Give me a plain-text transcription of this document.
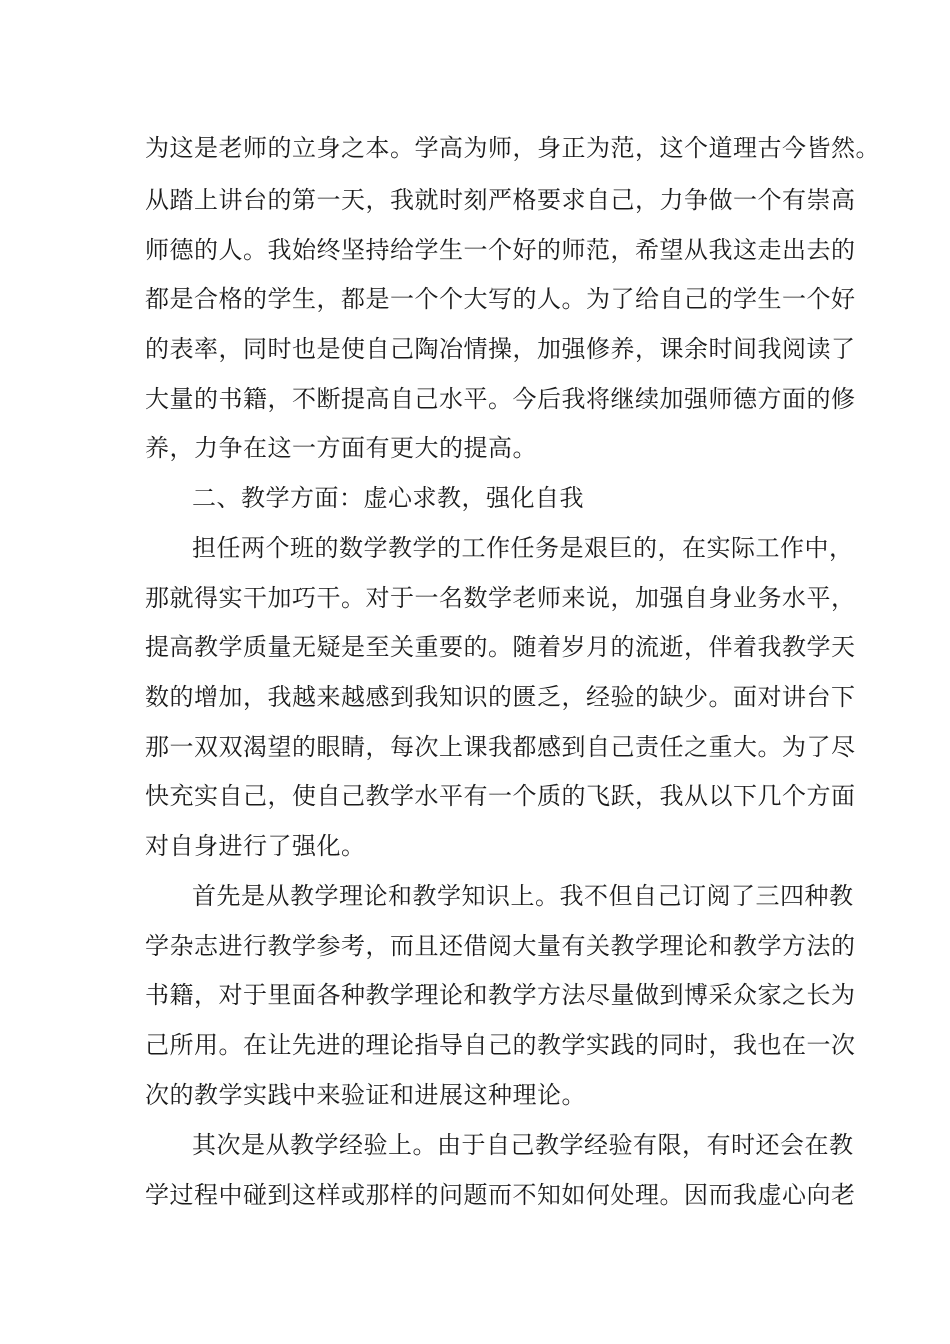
为这是老师的立身之本。学高为师，身正为范，这个道理古今皆然。
从踏上讲台的第一天，我就时刻严格要求自己，力争做一个有崇高
师德的人。我始终坚持给学生一个好的师范，希望从我这走出去的
都是合格的学生，都是一个个大写的人。为了给自己的学生一个好
的表率，同时也是使自己陶冶情操，加强修养，课余时间我阅读了
大量的书籍，不断提高自己水平。今后我将继续加强师德方面的修
养，力争在这一方面有更大的提高。
二、教学方面：虚心求教，强化自我
担任两个班的数学教学的工作任务是艰巨的，在实际工作中，
那就得实干加巧干。对于一名数学老师来说，加强自身业务水平，
提高教学质量无疑是至关重要的。随着岁月的流逝，伴着我教学天
数的增加，我越来越感到我知识的匮乏，经验的缺少。面对讲台下
那一双双渴望的眼睛，每次上课我都感到自己责任之重大。为了尽
快充实自己，使自己教学水平有一个质的飞跃，我从以下几个方面
对自身进行了强化。
首先是从教学理论和教学知识上。我不但自己订阅了三四种教
学杂志进行教学参考，而且还借阅大量有关教学理论和教学方法的
书籍，对于里面各种教学理论和教学方法尽量做到博采众家之长为
己所用。在让先进的理论指导自己的教学实践的同时，我也在一次
次的教学实践中来验证和进展这种理论。
其次是从教学经验上。由于自己教学经验有限，有时还会在教
学过程中碰到这样或那样的问题而不知如何处理。因而我虚心向老
